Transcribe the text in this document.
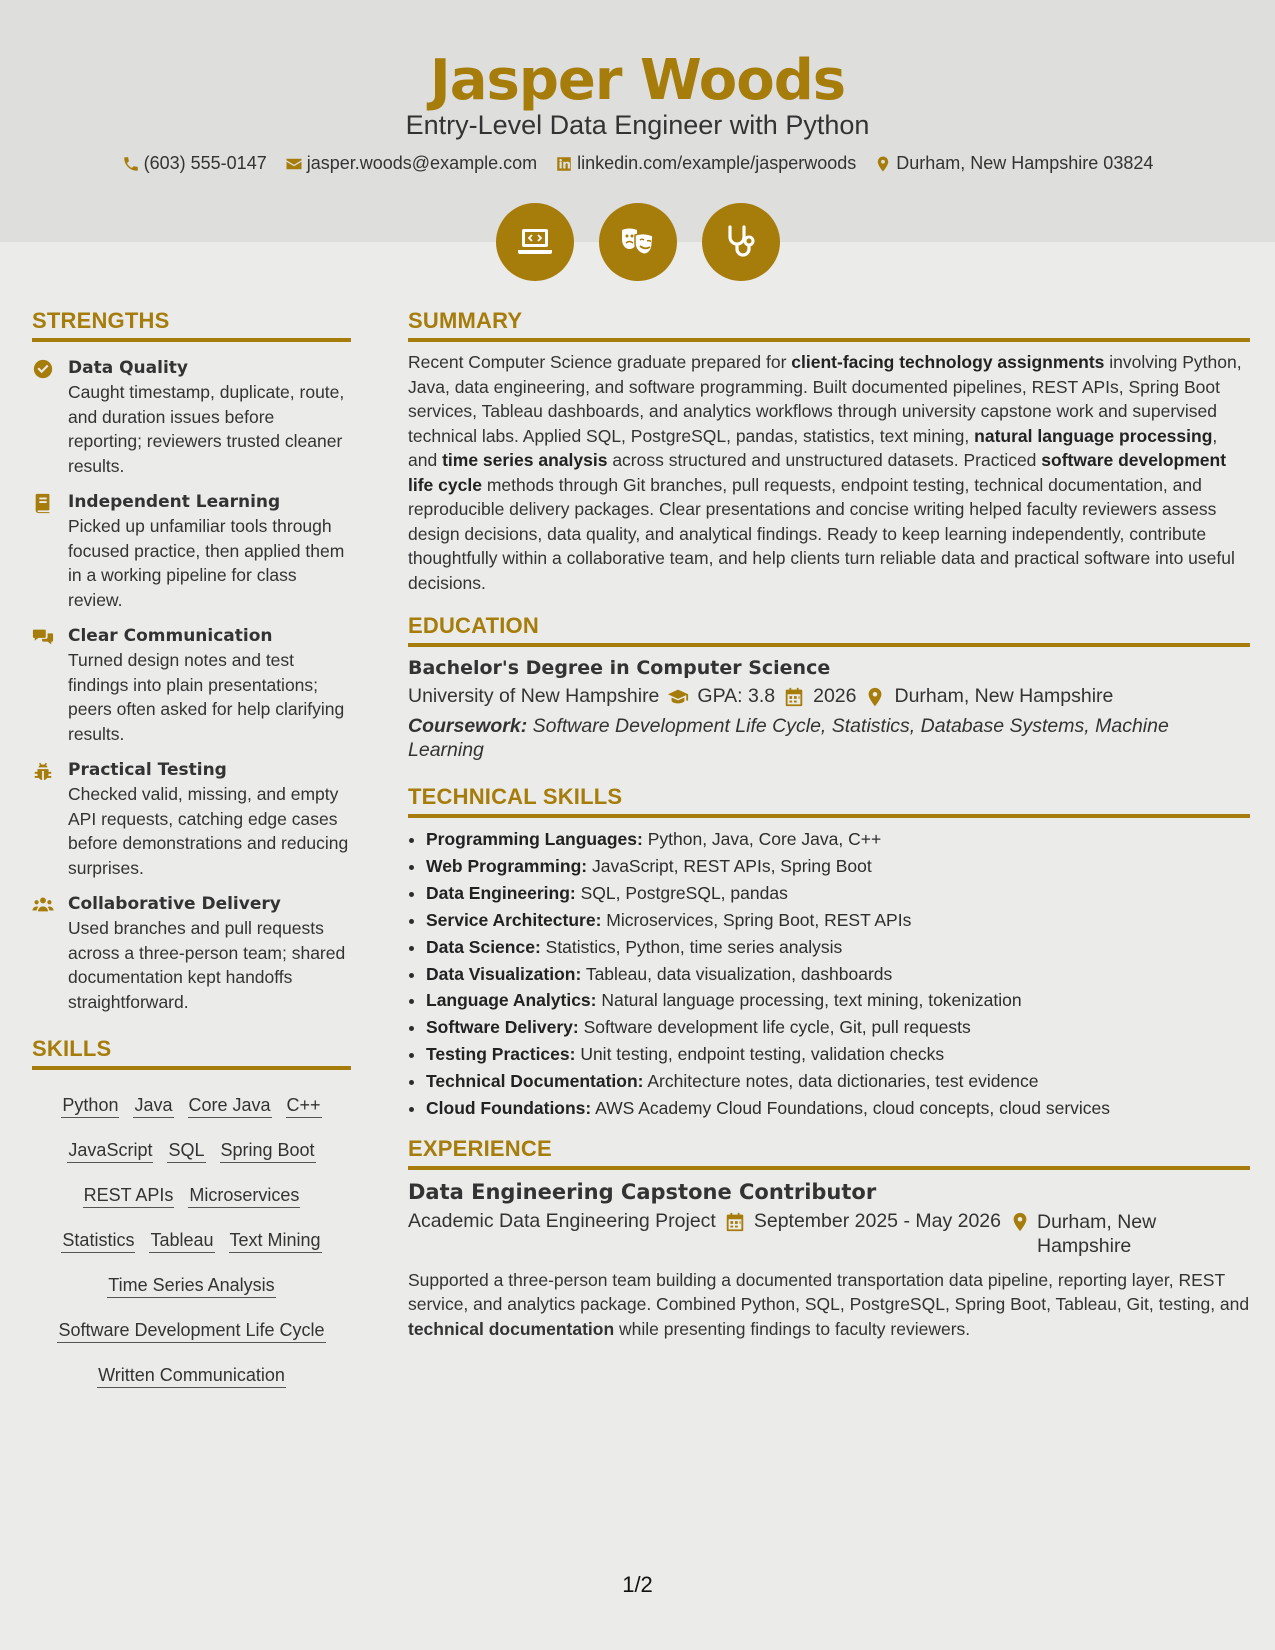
Jasper Woods
Entry-Level Data Engineer with Python
(603) 555-0147 jasper.woods@example.com linkedin.com/example/jasperwoods Durham, New Hampshire 03824
STRENGTHS
Data Quality
Caught timestamp, duplicate, route, and duration issues before reporting; reviewers trusted cleaner results.
Independent Learning
Picked up unfamiliar tools through focused practice, then applied them in a working pipeline for class review.
Clear Communication
Turned design notes and test findings into plain presentations; peers often asked for help clarifying results.
Practical Testing
Checked valid, missing, and empty API requests, catching edge cases before demonstrations and reducing surprises.
Collaborative Delivery
Used branches and pull requests across a three-person team; shared documentation kept handoffs straightforward.
SKILLS
Python Java Core Java C++
JavaScript SQL Spring Boot
REST APIs Microservices
Statistics Tableau Text Mining
Time Series Analysis
Software Development Life Cycle
Written Communication
SUMMARY
Recent Computer Science graduate prepared for client-facing technology assignments involving Python, Java, data engineering, and software programming. Built documented pipelines, REST APIs, Spring Boot services, Tableau dashboards, and analytics workflows through university capstone work and supervised technical labs. Applied SQL, PostgreSQL, pandas, statistics, text mining, natural language processing, and time series analysis across structured and unstructured datasets. Practiced software development life cycle methods through Git branches, pull requests, endpoint testing, technical documentation, and reproducible delivery packages. Clear presentations and concise writing helped faculty reviewers assess design decisions, data quality, and analytical findings. Ready to keep learning independently, contribute thoughtfully within a collaborative team, and help clients turn reliable data and practical software into useful decisions.
EDUCATION
Bachelor's Degree in Computer Science
University of New Hampshire GPA: 3.8 2026 Durham, New Hampshire
Coursework: Software Development Life Cycle, Statistics, Database Systems, Machine Learning
TECHNICAL SKILLS
• Programming Languages: Python, Java, Core Java, C++
• Web Programming: JavaScript, REST APIs, Spring Boot
• Data Engineering: SQL, PostgreSQL, pandas
• Service Architecture: Microservices, Spring Boot, REST APIs
• Data Science: Statistics, Python, time series analysis
• Data Visualization: Tableau, data visualization, dashboards
• Language Analytics: Natural language processing, text mining, tokenization
• Software Delivery: Software development life cycle, Git, pull requests
• Testing Practices: Unit testing, endpoint testing, validation checks
• Technical Documentation: Architecture notes, data dictionaries, test evidence
• Cloud Foundations: AWS Academy Cloud Foundations, cloud concepts, cloud services
EXPERIENCE
Data Engineering Capstone Contributor
Academic Data Engineering Project September 2025 - May 2026 Durham, New Hampshire
Supported a three-person team building a documented transportation data pipeline, reporting layer, REST service, and analytics package. Combined Python, SQL, PostgreSQL, Spring Boot, Tableau, Git, testing, and technical documentation while presenting findings to faculty reviewers.
1/2
